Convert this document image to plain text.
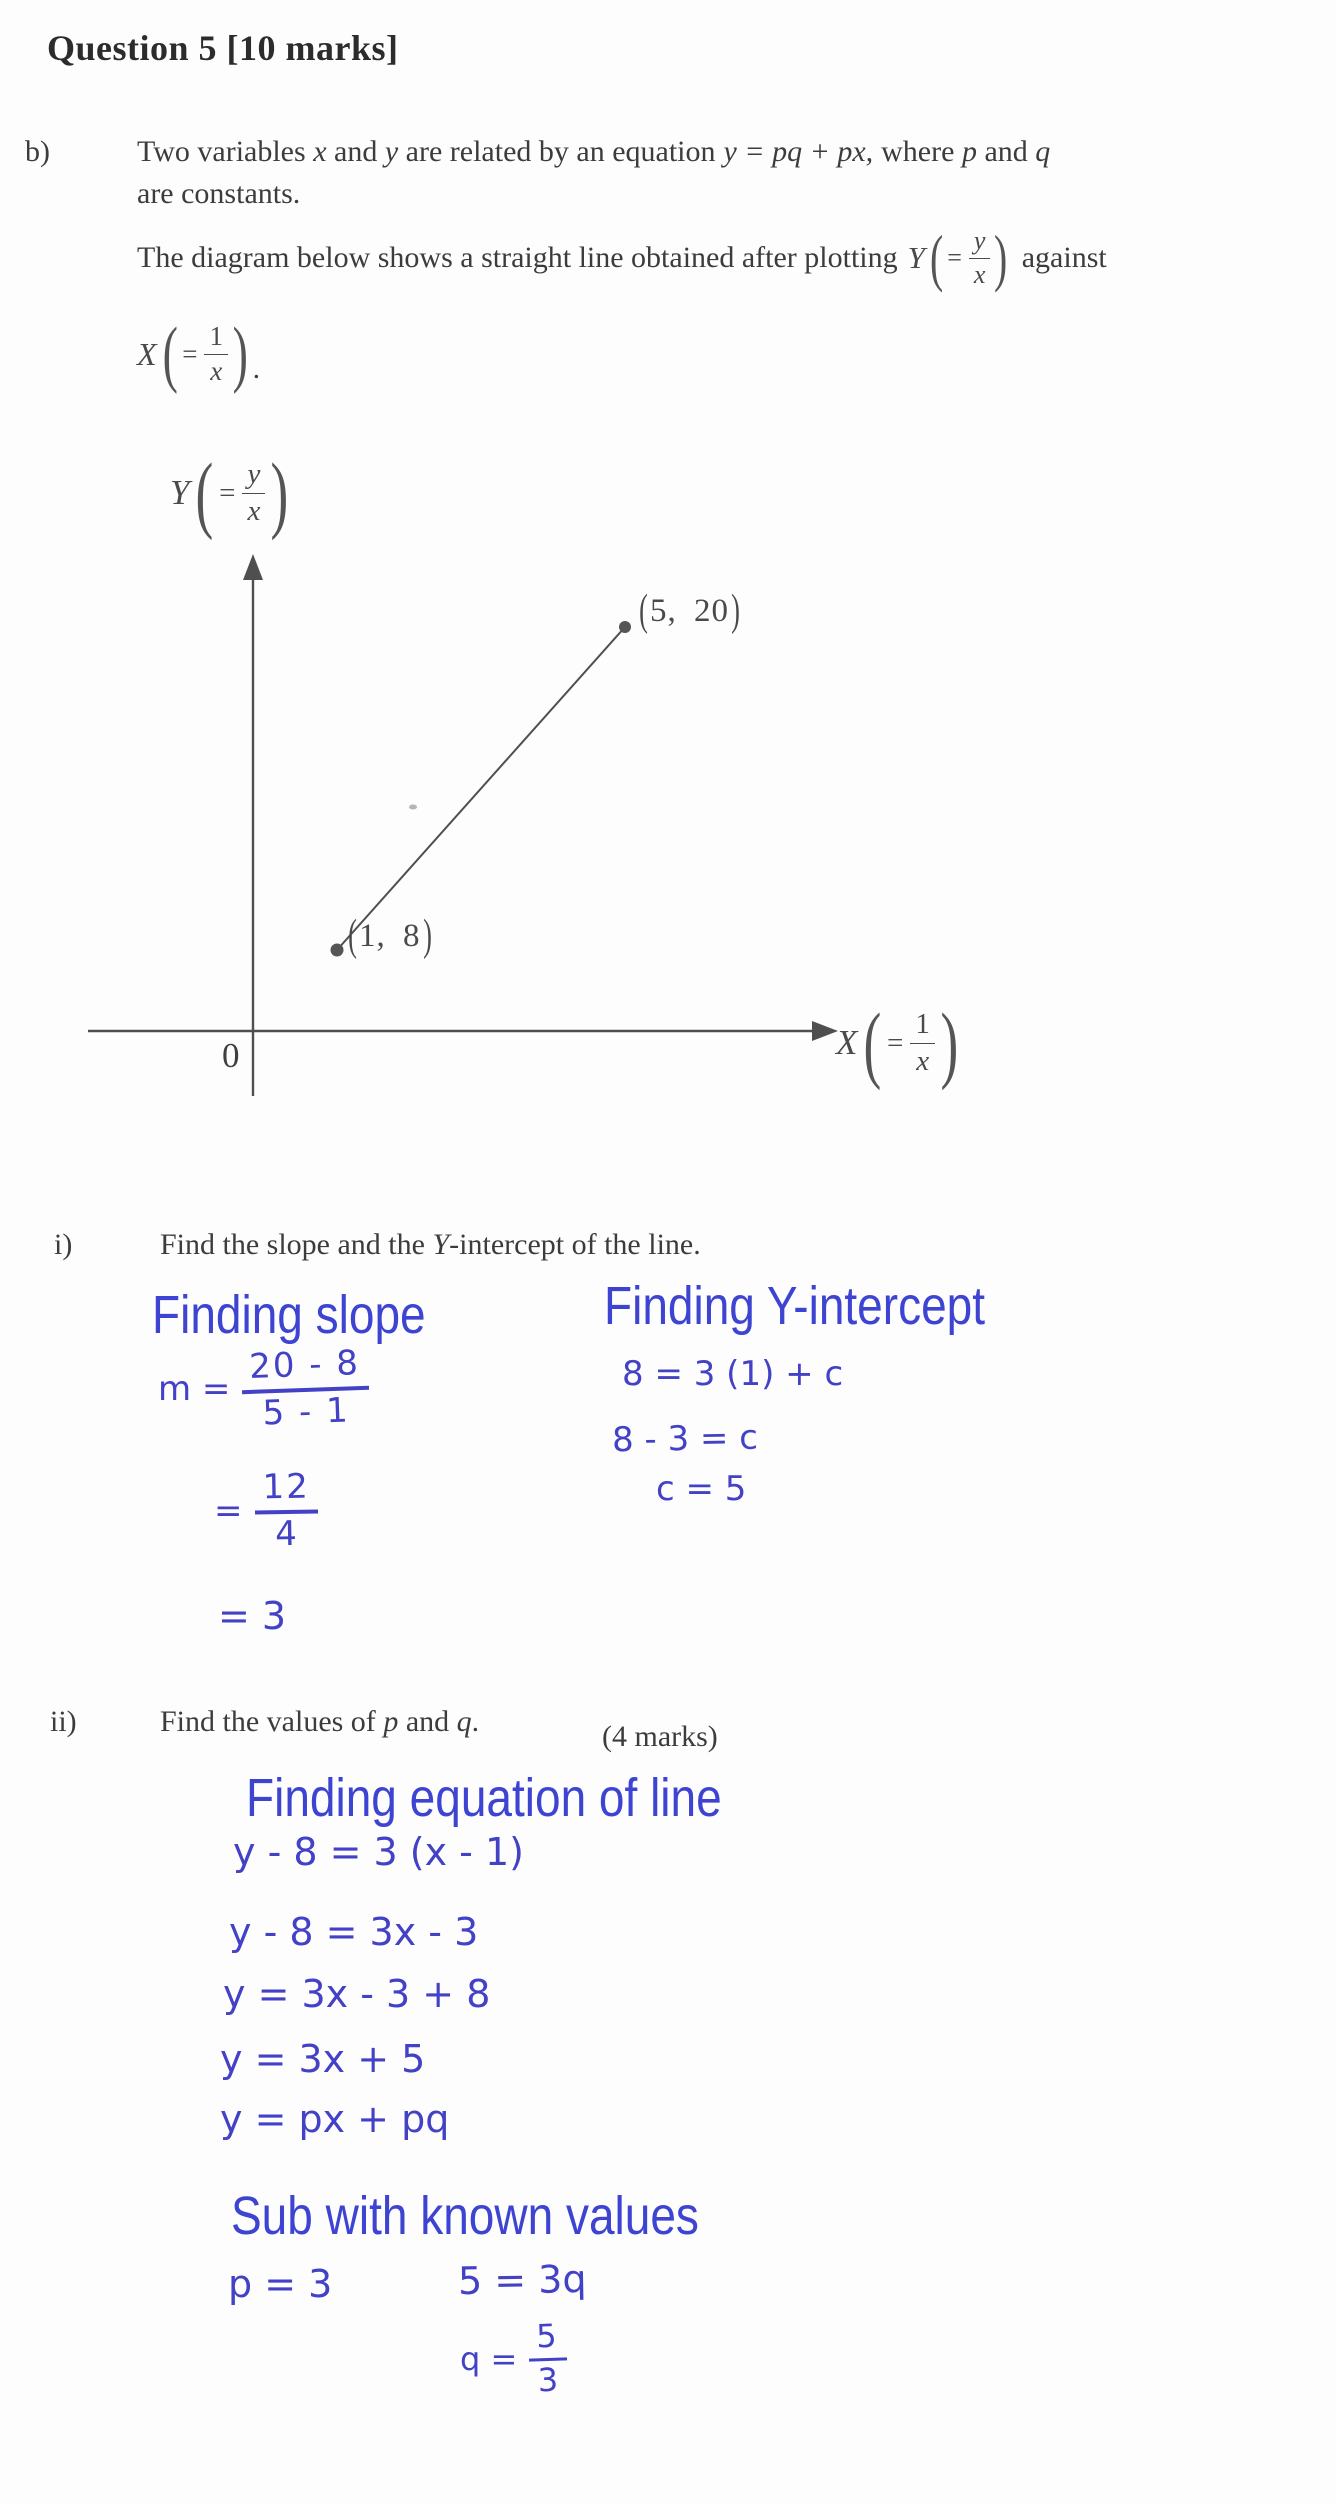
Question 5 [10 marks]
b)	Two variables x and y are related by an equation y = pq + px, where p and q
are constants.
The diagram below shows a straight line obtained after plotting Y ( = $\frac{y}{x}$ ) against
X ( = $\frac{1}{x}$ ) .
Y ( = $\frac{y}{x}$ )
X ( = $\frac{1}{x}$ )
0
( 1, 8 )
( 5, 20 )
i)	Find the slope and the Y-intercept of the line.
Finding slope	Finding Y-intercept
$m = \frac{20 - 8}{5 - 1}$
= $\frac{12}{4}$
= 3
8 = 3 (1) + c
8 - 3 = c
c = 5
ii)	Find the values of p and q.	(4 marks)
Finding equation of line
y - 8 = 3 (x - 1)
y - 8 = 3x - 3
y = 3x - 3 + 8
y = 3x + 5
y = px + pq
Sub with known values
p = 3	5 = 3q
$q = \frac{5}{3}$
